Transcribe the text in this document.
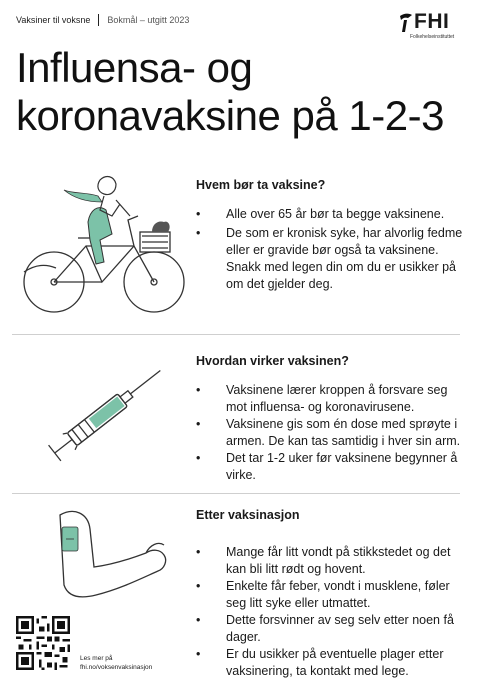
Vaksiner til voksne Bokmål – utgitt 2023	FHI
Folkehelseinstituttet
Influensa- og
koronavaksine på 1-2-3
Hvem bør ta vaksine?
• Alle over 65 år bør ta begge vaksinene.
• De som er kronisk syke, har alvorlig fedme eller er gravide bør også ta vaksinene. Snakk med legen din om du er usikker på om det gjelder deg.
Hvordan virker vaksinen?
• Vaksinene lærer kroppen å forsvare seg mot influensa- og koronavirusene.
• Vaksinene gis som én dose med sprøyte i armen. De kan tas samtidig i hver sin arm.
• Det tar 1-2 uker før vaksinene begynner å virke.
Etter vaksinasjon
• Mange får litt vondt på stikkstedet og det kan bli litt rødt og hovent.
• Enkelte får feber, vondt i musklene, føler seg litt syke eller utmattet.
• Dette forsvinner av seg selv etter noen få dager.
• Er du usikker på eventuelle plager etter vaksinering, ta kontakt med lege.
Les mer på
fhi.no/voksenvaksinasjon
